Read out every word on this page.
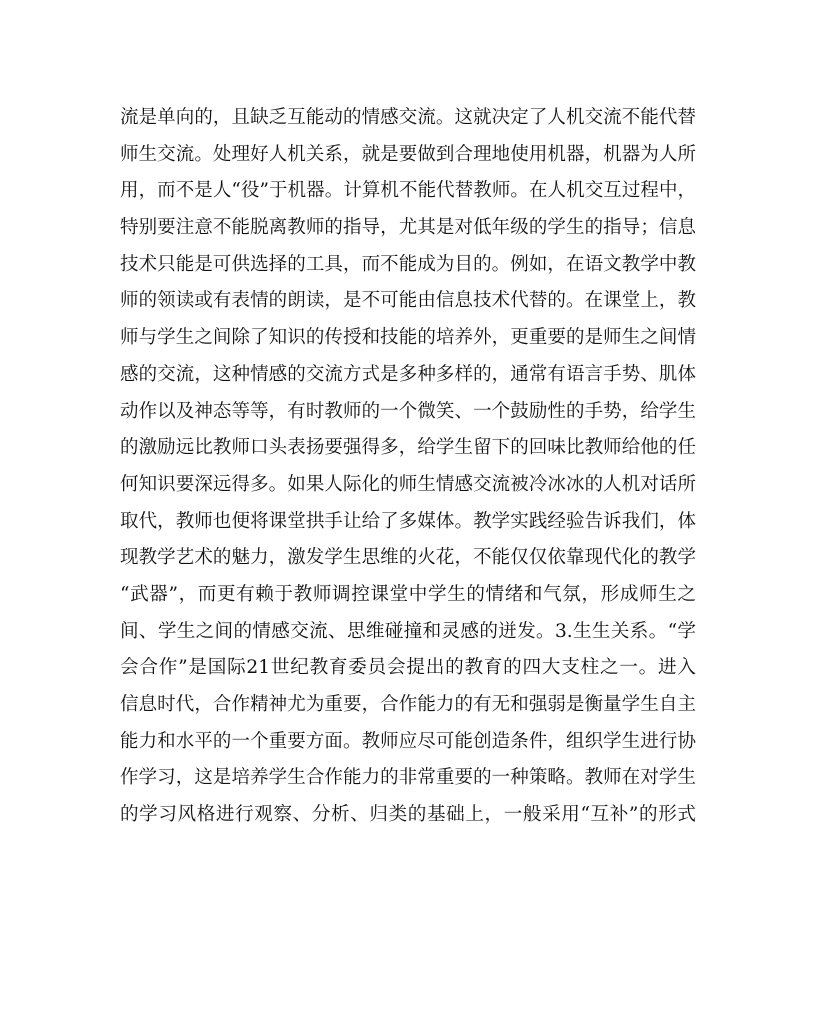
流是单向的，且缺乏互能动的情感交流。这就决定了人机交流不能代替
师生交流。处理好人机关系，就是要做到合理地使用机器，机器为人所
用，而不是人“役”于机器。计算机不能代替教师。在人机交互过程中，
特别要注意不能脱离教师的指导，尤其是对低年级的学生的指导；信息
技术只能是可供选择的工具，而不能成为目的。例如，在语文教学中教
师的领读或有表情的朗读，是不可能由信息技术代替的。在课堂上，教
师与学生之间除了知识的传授和技能的培养外，更重要的是师生之间情
感的交流，这种情感的交流方式是多种多样的，通常有语言手势、肌体
动作以及神态等等，有时教师的一个微笑、一个鼓励性的手势，给学生
的激励远比教师口头表扬要强得多，给学生留下的回味比教师给他的任
何知识要深远得多。如果人际化的师生情感交流被冷冰冰的人机对话所
取代，教师也便将课堂拱手让给了多媒体。教学实践经验告诉我们，体
现教学艺术的魅力，激发学生思维的火花，不能仅仅依靠现代化的教学
“武器”，而更有赖于教师调控课堂中学生的情绪和气氛，形成师生之
间、学生之间的情感交流、思维碰撞和灵感的迸发。3.生生关系。“学
会合作”是国际21世纪教育委员会提出的教育的四大支柱之一。进入
信息时代，合作精神尤为重要，合作能力的有无和强弱是衡量学生自主
能力和水平的一个重要方面。教师应尽可能创造条件，组织学生进行协
作学习，这是培养学生合作能力的非常重要的一种策略。教师在对学生
的学习风格进行观察、分析、归类的基础上，一般采用“互补”的形式
